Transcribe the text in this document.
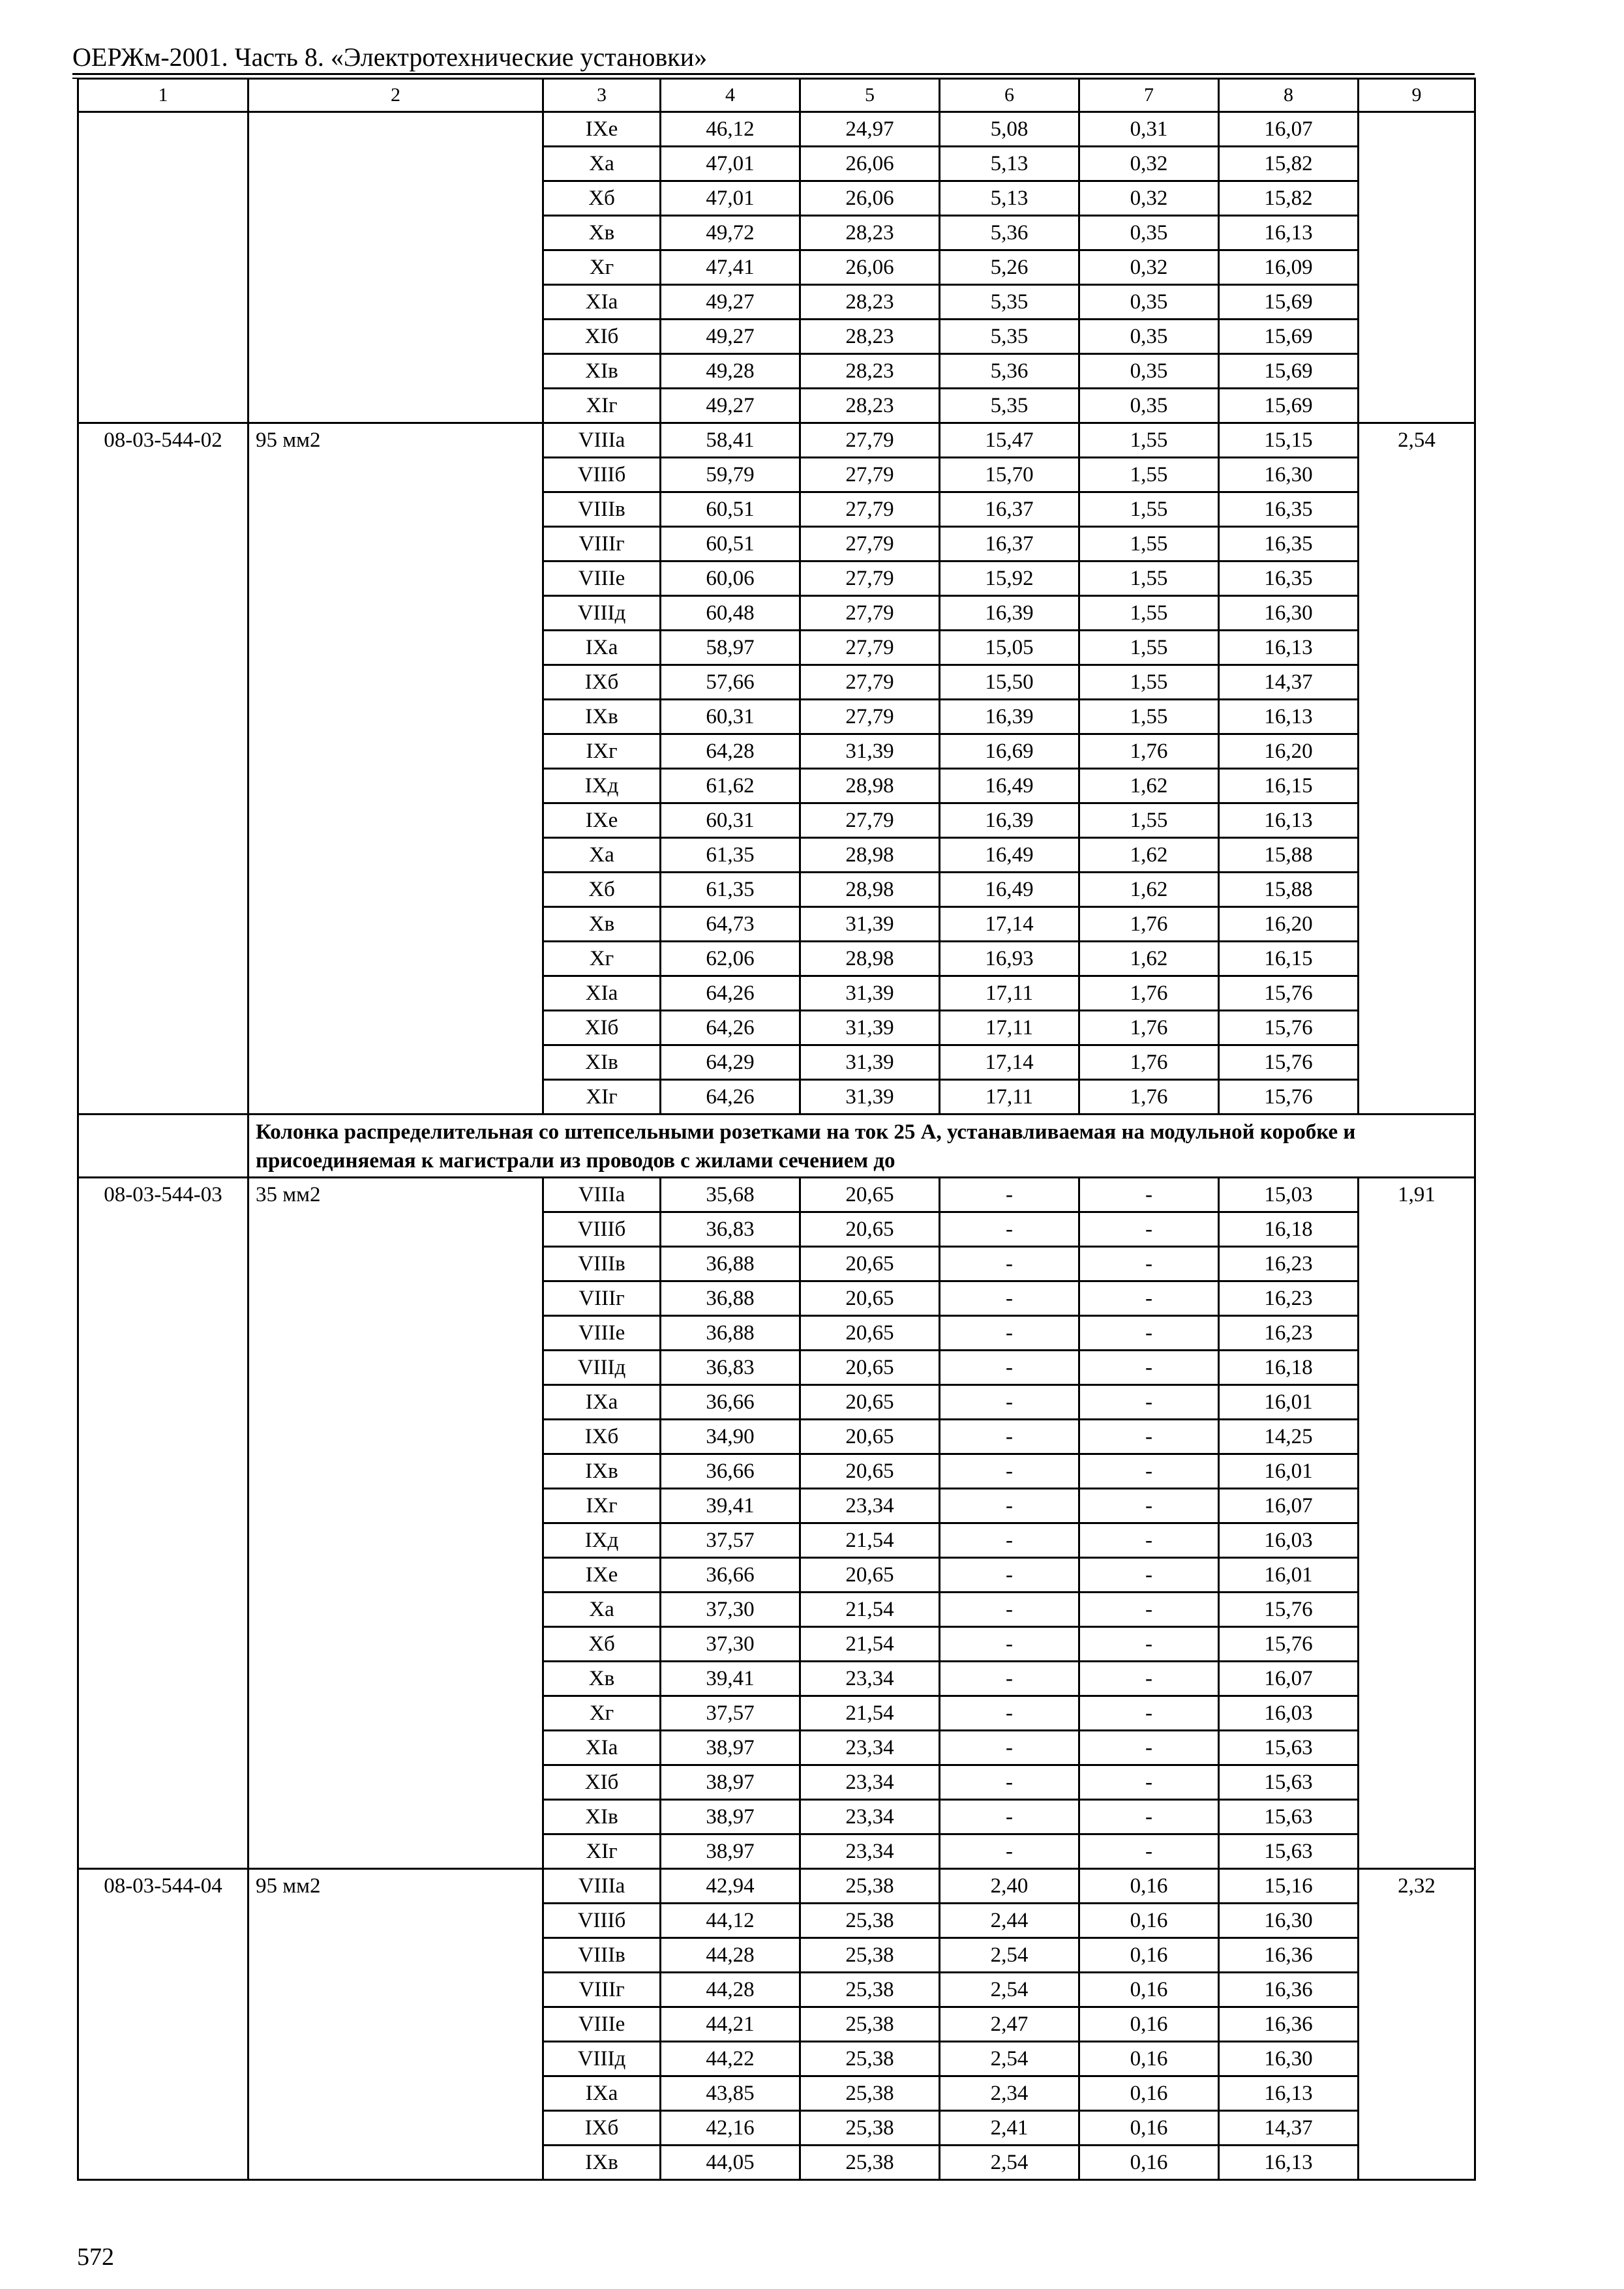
ОЕРЖм-2001. Часть 8. «Электротехнические установки»
1	2	3	4	5	6	7	8	9
		IXе	46,12	24,97	5,08	0,31	16,07	
		Xа	47,01	26,06	5,13	0,32	15,82	
		Xб	47,01	26,06	5,13	0,32	15,82	
		Xв	49,72	28,23	5,36	0,35	16,13	
		Xг	47,41	26,06	5,26	0,32	16,09	
		XIа	49,27	28,23	5,35	0,35	15,69	
		XIб	49,27	28,23	5,35	0,35	15,69	
		XIв	49,28	28,23	5,36	0,35	15,69	
		XIг	49,27	28,23	5,35	0,35	15,69	
08-03-544-02	95 мм2	VIIIа	58,41	27,79	15,47	1,55	15,15	2,54
		VIIIб	59,79	27,79	15,70	1,55	16,30	
		VIIIв	60,51	27,79	16,37	1,55	16,35	
		VIIIг	60,51	27,79	16,37	1,55	16,35	
		VIIIе	60,06	27,79	15,92	1,55	16,35	
		VIIIд	60,48	27,79	16,39	1,55	16,30	
		IXа	58,97	27,79	15,05	1,55	16,13	
		IXб	57,66	27,79	15,50	1,55	14,37	
		IXв	60,31	27,79	16,39	1,55	16,13	
		IXг	64,28	31,39	16,69	1,76	16,20	
		IXд	61,62	28,98	16,49	1,62	16,15	
		IXе	60,31	27,79	16,39	1,55	16,13	
		Xа	61,35	28,98	16,49	1,62	15,88	
		Xб	61,35	28,98	16,49	1,62	15,88	
		Xв	64,73	31,39	17,14	1,76	16,20	
		Xг	62,06	28,98	16,93	1,62	16,15	
		XIа	64,26	31,39	17,11	1,76	15,76	
		XIб	64,26	31,39	17,11	1,76	15,76	
		XIв	64,29	31,39	17,14	1,76	15,76	
		XIг	64,26	31,39	17,11	1,76	15,76	
	Колонка распределительная со штепсельными розетками на ток 25 А, устанавливаемая на модульной коробке и присоединяемая к магистрали из проводов с жилами сечением до							
08-03-544-03	35 мм2	VIIIа	35,68	20,65	-	-	15,03	1,91
		VIIIб	36,83	20,65	-	-	16,18	
		VIIIв	36,88	20,65	-	-	16,23	
		VIIIг	36,88	20,65	-	-	16,23	
		VIIIе	36,88	20,65	-	-	16,23	
		VIIIд	36,83	20,65	-	-	16,18	
		IXа	36,66	20,65	-	-	16,01	
		IXб	34,90	20,65	-	-	14,25	
		IXв	36,66	20,65	-	-	16,01	
		IXг	39,41	23,34	-	-	16,07	
		IXд	37,57	21,54	-	-	16,03	
		IXе	36,66	20,65	-	-	16,01	
		Xа	37,30	21,54	-	-	15,76	
		Xб	37,30	21,54	-	-	15,76	
		Xв	39,41	23,34	-	-	16,07	
		Xг	37,57	21,54	-	-	16,03	
		XIа	38,97	23,34	-	-	15,63	
		XIб	38,97	23,34	-	-	15,63	
		XIв	38,97	23,34	-	-	15,63	
		XIг	38,97	23,34	-	-	15,63	
08-03-544-04	95 мм2	VIIIа	42,94	25,38	2,40	0,16	15,16	2,32
		VIIIб	44,12	25,38	2,44	0,16	16,30	
		VIIIв	44,28	25,38	2,54	0,16	16,36	
		VIIIг	44,28	25,38	2,54	0,16	16,36	
		VIIIе	44,21	25,38	2,47	0,16	16,36	
		VIIIд	44,22	25,38	2,54	0,16	16,30	
		IXа	43,85	25,38	2,34	0,16	16,13	
		IXб	42,16	25,38	2,41	0,16	14,37	
		IXв	44,05	25,38	2,54	0,16	16,13	
572
